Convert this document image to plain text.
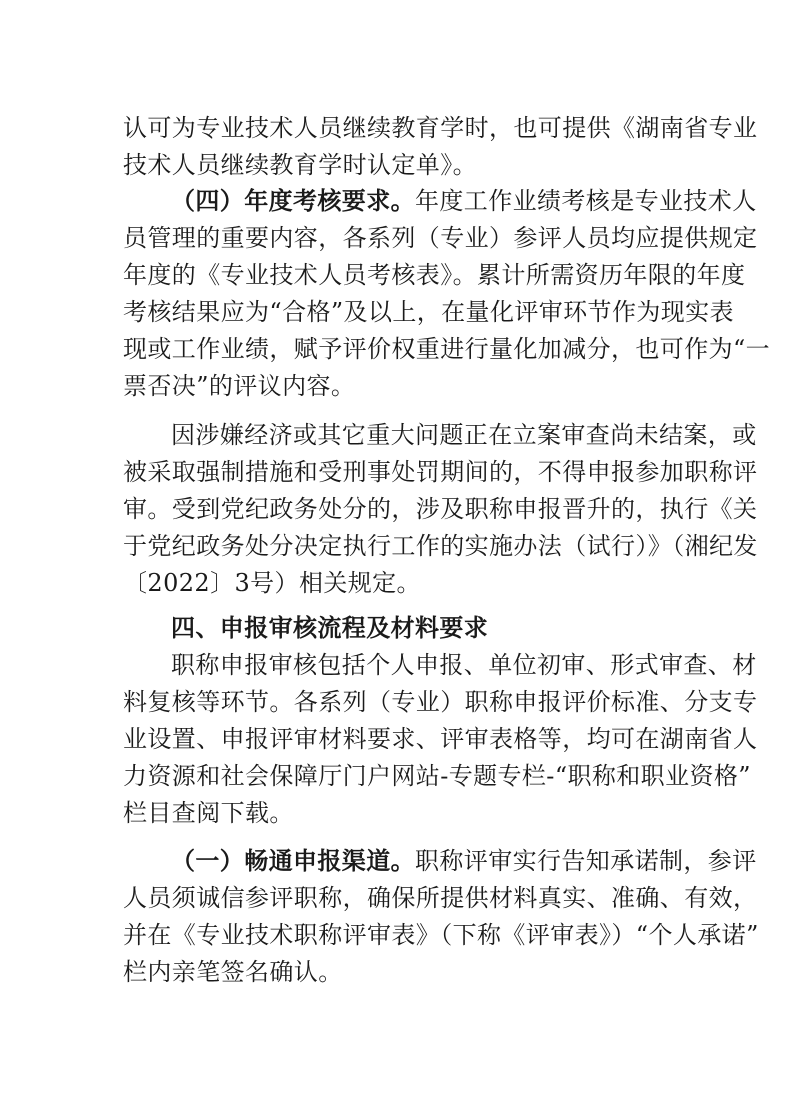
认可为专业技术人员继续教育学时，也可提供《湖南省专业
技术人员继续教育学时认定单》。
（四）年度考核要求。年度工作业绩考核是专业技术人
员管理的重要内容，各系列（专业）参评人员均应提供规定
年度的《专业技术人员考核表》。累计所需资历年限的年度
考核结果应为“合格”及以上，在量化评审环节作为现实表
现或工作业绩，赋予评价权重进行量化加减分，也可作为“一
票否决”的评议内容。
因涉嫌经济或其它重大问题正在立案审查尚未结案，或
被采取强制措施和受刑事处罚期间的，不得申报参加职称评
审。受到党纪政务处分的，涉及职称申报晋升的，执行《关
于党纪政务处分决定执行工作的实施办法（试行）》（湘纪发
〔2022〕3号）相关规定。
四、申报审核流程及材料要求
职称申报审核包括个人申报、单位初审、形式审查、材
料复核等环节。各系列（专业）职称申报评价标准、分支专
业设置、申报评审材料要求、评审表格等，均可在湖南省人
力资源和社会保障厅门户网站-专题专栏-“职称和职业资格”
栏目查阅下载。
（一）畅通申报渠道。职称评审实行告知承诺制，参评
人员须诚信参评职称，确保所提供材料真实、准确、有效，
并在《专业技术职称评审表》（下称《评审表》）“个人承诺”
栏内亲笔签名确认。
